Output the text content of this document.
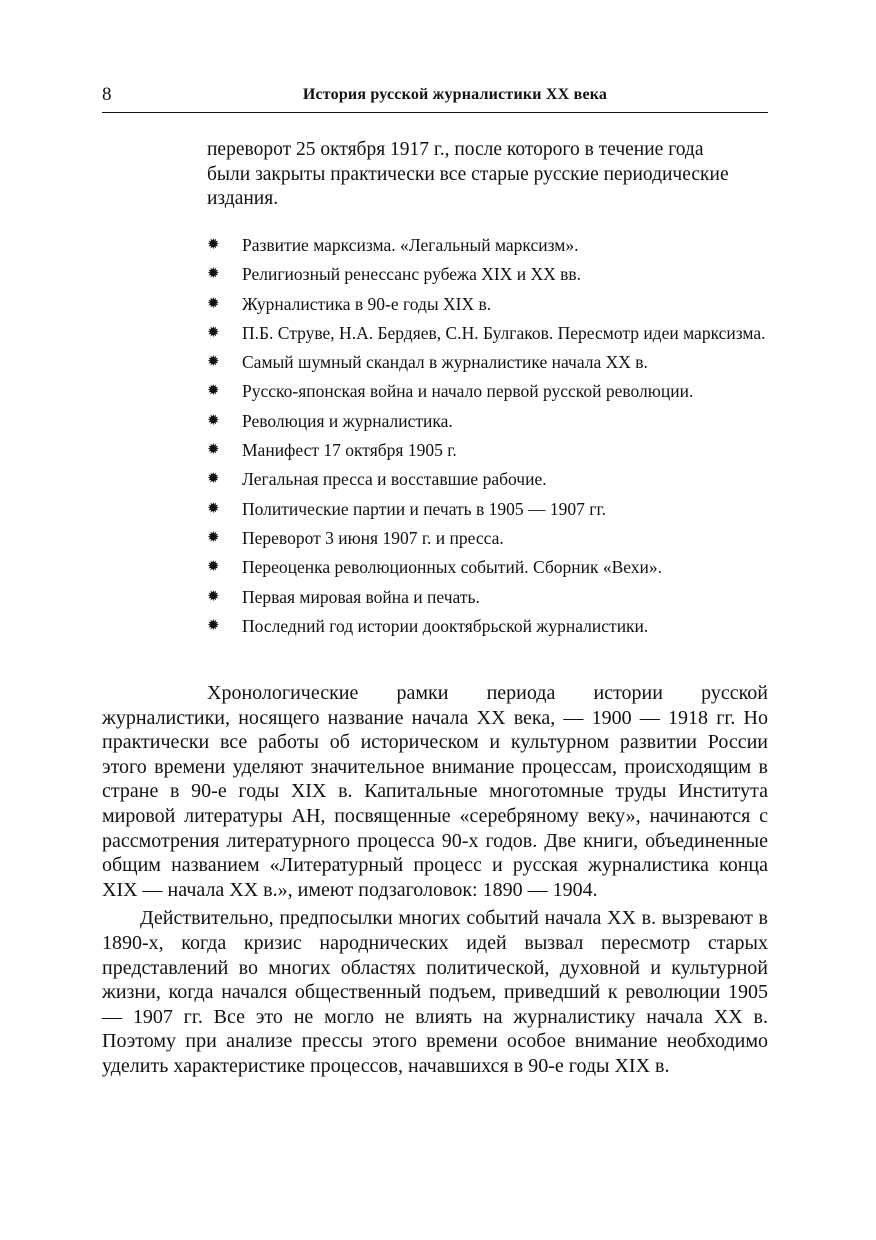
8	История русской журналистики XX века

переворот 25 октября 1917 г., после которого в течение года были закрыты практически все старые русские периодические издания.

✹ Развитие марксизма. «Легальный марксизм».
✹ Религиозный ренессанс рубежа XIX и XX вв.
✹ Журналистика в 90-е годы XIX в.
✹ П.Б. Струве, Н.А. Бердяев, С.Н. Булгаков. Пересмотр идеи марксизма.
✹ Самый шумный скандал в журналистике начала XX в.
✹ Русско-японская война и начало первой русской революции.
✹ Революция и журналистика.
✹ Манифест 17 октября 1905 г.
✹ Легальная пресса и восставшие рабочие.
✹ Политические партии и печать в 1905 — 1907 гг.
✹ Переворот 3 июня 1907 г. и пресса.
✹ Переоценка революционных событий. Сборник «Вехи».
✹ Первая мировая война и печать.
✹ Последний год истории дооктябрьской журналистики.

Хронологические рамки периода истории русской журналистики, носящего название начала XX века, — 1900 — 1918 гг. Но практически все работы об историческом и культурном развитии России этого времени уделяют значительное внимание процессам, происходящим в стране в 90-е годы XIX в. Капитальные многотомные труды Института мировой литературы АН, посвященные «серебряному веку», начинаются с рассмотрения литературного процесса 90-х годов. Две книги, объединенные общим названием «Литературный процесс и русская журналистика конца XIX — начала XX в.», имеют подзаголовок: 1890 — 1904.

Действительно, предпосылки многих событий начала XX в. вызревают в 1890-х, когда кризис народнических идей вызвал пересмотр старых представлений во многих областях политической, духовной и культурной жизни, когда начался общественный подъем, приведший к революции 1905 — 1907 гг. Все это не могло не влиять на журналистику начала XX в. Поэтому при анализе прессы этого времени особое внимание необходимо уделить характеристике процессов, начавшихся в 90-е годы XIX в.
